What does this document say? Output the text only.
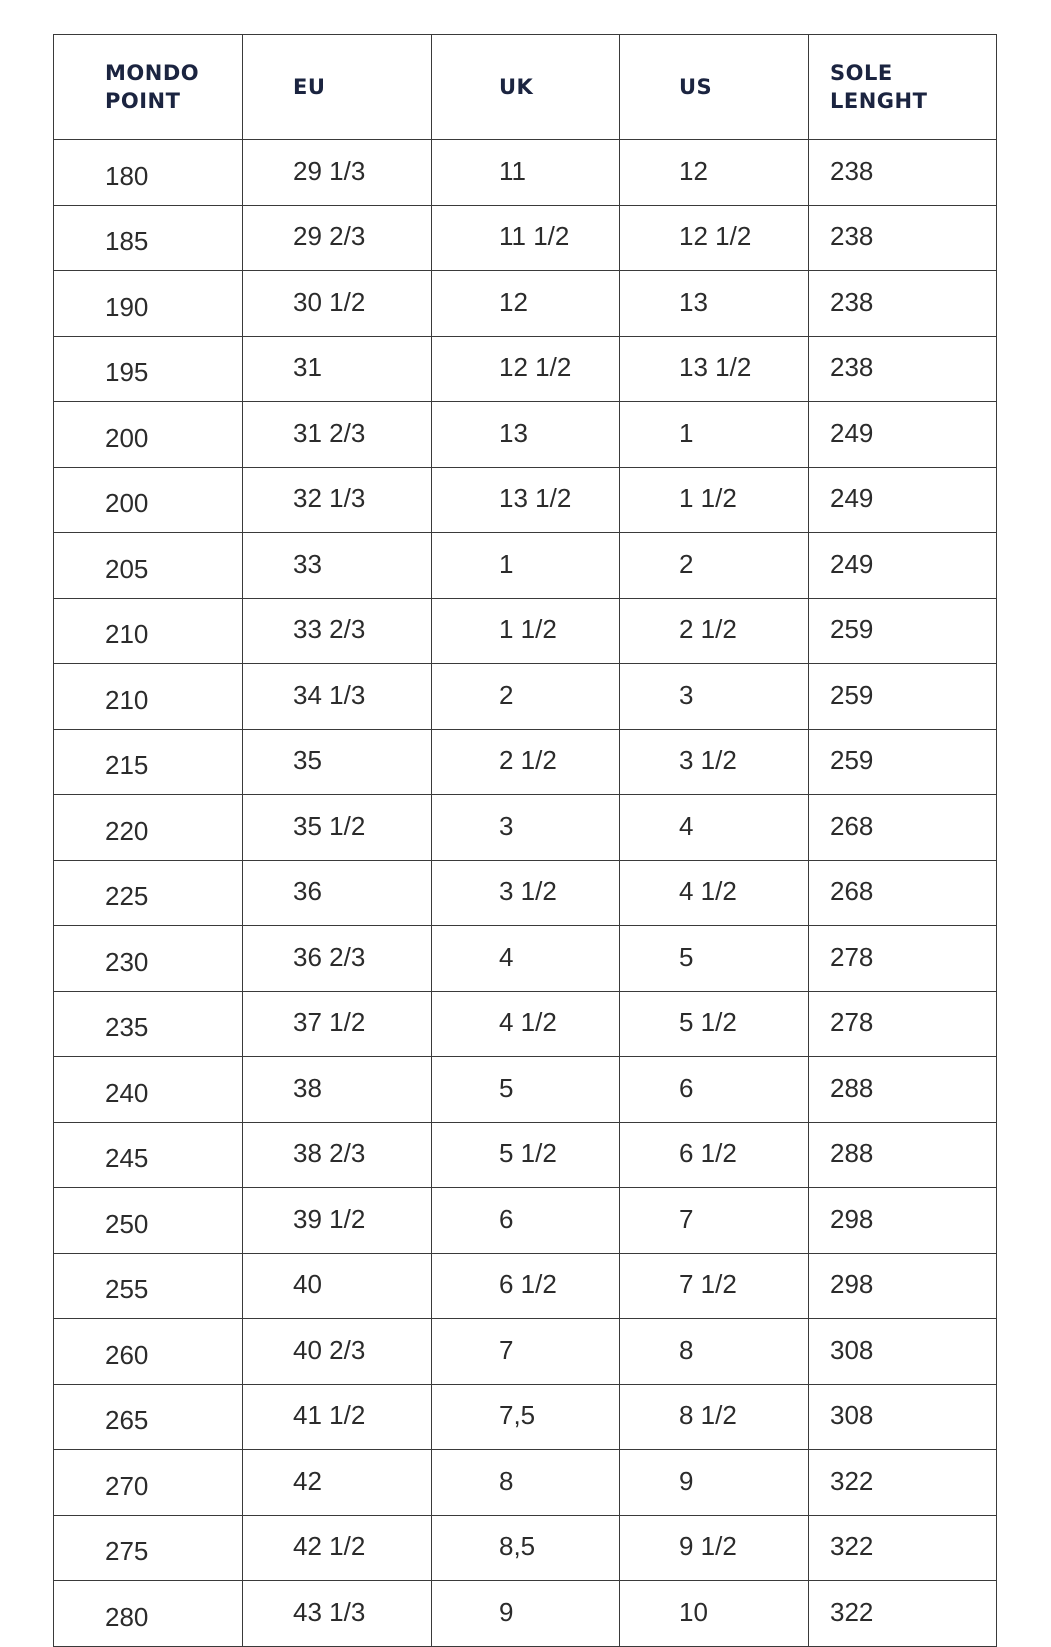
MONDO
POINT	EU	UK	US	SOLE
LENGHT
180	29 1/3	11	12	238
185	29 2/3	11 1/2	12 1/2	238
190	30 1/2	12	13	238
195	31	12 1/2	13 1/2	238
200	31 2/3	13	1	249
200	32 1/3	13 1/2	1 1/2	249
205	33	1	2	249
210	33 2/3	1 1/2	2 1/2	259
210	34 1/3	2	3	259
215	35	2 1/2	3 1/2	259
220	35 1/2	3	4	268
225	36	3 1/2	4 1/2	268
230	36 2/3	4	5	278
235	37 1/2	4 1/2	5 1/2	278
240	38	5	6	288
245	38 2/3	5 1/2	6 1/2	288
250	39 1/2	6	7	298
255	40	6 1/2	7 1/2	298
260	40 2/3	7	8	308
265	41 1/2	7,5	8 1/2	308
270	42	8	9	322
275	42 1/2	8,5	9 1/2	322
280	43 1/3	9	10	322
